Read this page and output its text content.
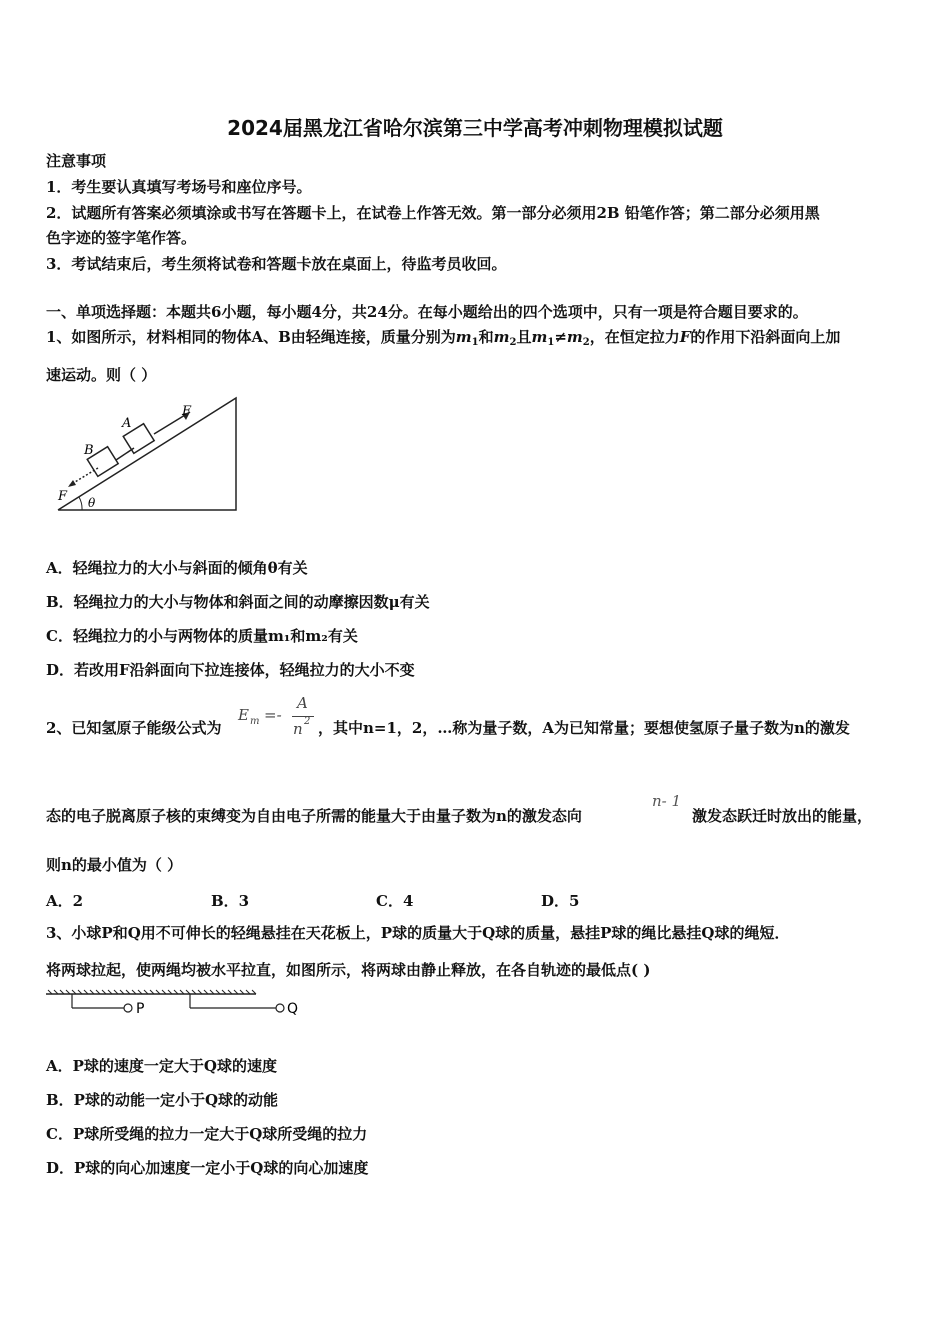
2024届黑龙江省哈尔滨第三中学高考冲刺物理模拟试题
注意事项
1．考生要认真填写考场号和座位序号。
2．试题所有答案必须填涂或书写在答题卡上，在试卷上作答无效。第一部分必须用2B 铅笔作答；第二部分必须用黑
色字迹的签字笔作答。
3．考试结束后，考生须将试卷和答题卡放在桌面上，待监考员收回。
一、单项选择题：本题共6小题，每小题4分，共24分。在每小题给出的四个选项中，只有一项是符合题目要求的。
1、如图所示，材料相同的物体A、B由轻绳连接，质量分别为$m_1$和$m_2$且$m_1\ne m_2$，在恒定拉力F的作用下沿斜面向上加
速运动。则（ ）
A
B
F
F θ
A．轻绳拉力的大小与斜面的倾角θ有关
B．轻绳拉力的大小与物体和斜面之间的动摩擦因数μ有关
C．轻绳拉力的小与两物体的质量m₁和m₂有关
D．若改用F沿斜面向下拉连接体，轻绳拉力的大小不变
2、已知氢原子能级公式为
E m =-
A
n 2 ，其中n=1，2，…称为量子数，A为已知常量；要想使氢原子量子数为n的激发
态的电子脱离原子核的束缚变为自由电子所需的能量大于由量子数为n的激发态向
n- 1
激发态跃迁时放出的能量，
则n的最小值为（ ）
A．2	B．3	C．4	D．5
3、小球P和Q用不可伸长的轻绳悬挂在天花板上，P球的质量大于Q球的质量，悬挂P球的绳比悬挂Q球的绳短．
将两球拉起，使两绳均被水平拉直，如图所示，将两球由静止释放，在各自轨迹的最低点( )
P	Q
A．P球的速度一定大于Q球的速度
B．P球的动能一定小于Q球的动能
C．P球所受绳的拉力一定大于Q球所受绳的拉力
D．P球的向心加速度一定小于Q球的向心加速度
